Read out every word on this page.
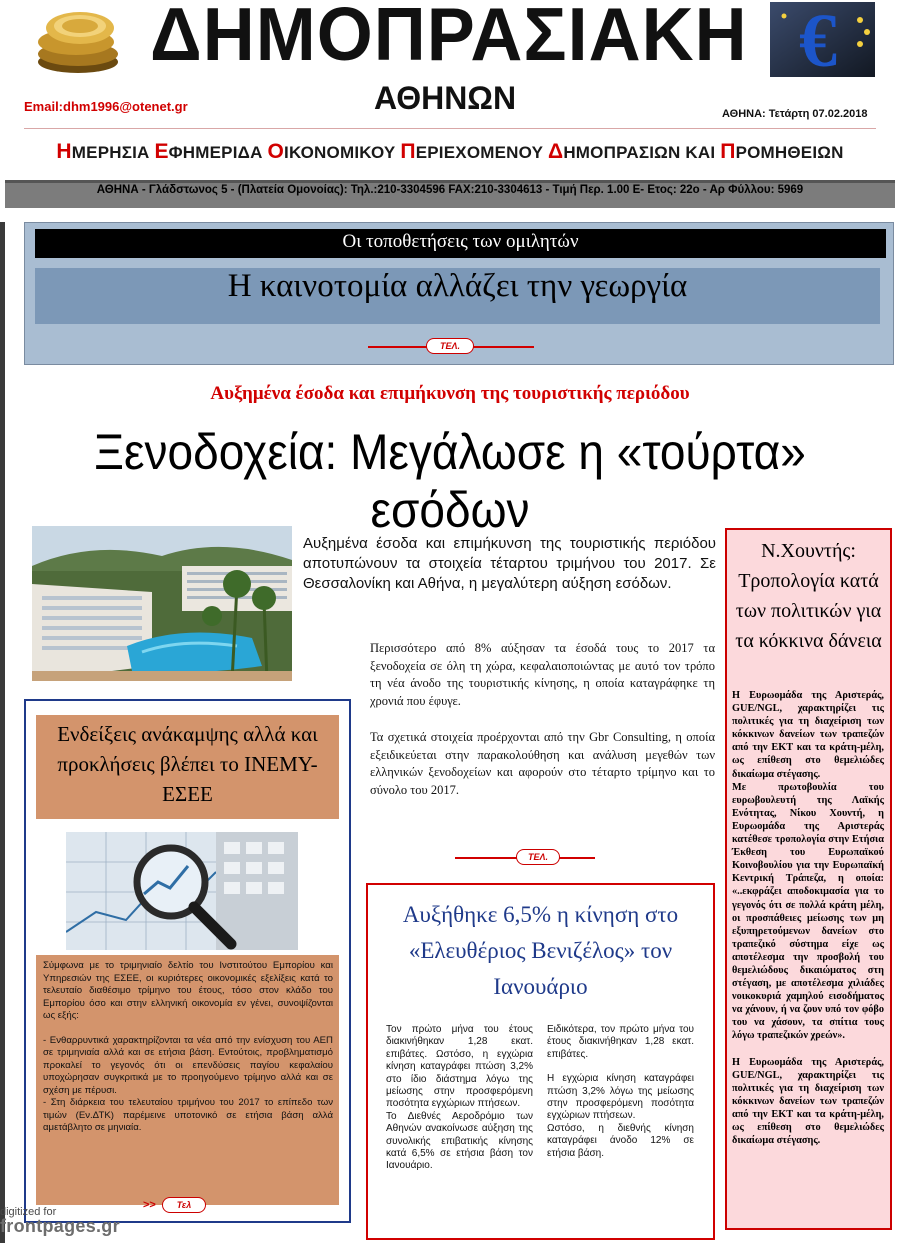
ΔΗΜΟΠΡΑΣΙΑΚΗ
ΑΘΗΝΩΝ
€
Email:dhm1996@otenet.gr	ΑΘΗΝΑ: Τετάρτη 07.02.2018
ΗΜΕΡΗΣΙΑ ΕΦΗΜΕΡΙΔΑ ΟΙΚΟΝΟΜΙΚΟΥ ΠΕΡΙΕΧΟΜΕΝΟΥ ΔΗΜΟΠΡΑΣΙΩΝ ΚΑΙ ΠΡΟΜΗΘΕΙΩΝ
ΑΘΗΝΑ - Γλάδστωνος 5 - (Πλατεία Ομονοίας): Τηλ.:210-3304596 FAX:210-3304613 - Τιμή Περ. 1.00 Ε- Ετος: 22ο - Αρ Φύλλου: 5969
Οι τοποθετήσεις των ομιλητών
Η καινοτομία αλλάζει την γεωργία
ΤΕΛ.
Αυξημένα έσοδα και επιμήκυνση της τουριστικής περιόδου
Ξενοδοχεία: Μεγάλωσε η «τούρτα» εσόδων
Αυξημένα έσοδα και επιμήκυνση της τουριστικής περιόδου αποτυπώνουν τα στοιχεία τέταρτου τριμήνου του 2017. Σε Θεσσαλονίκη και Αθήνα, η μεγαλύτερη αύξηση εσόδων.
Περισσότερο από 8% αύξησαν τα έσοδά τους το 2017 τα ξενοδοχεία σε όλη τη χώρα, κεφαλαιοποιώντας με αυτό τον τρόπο τη νέα άνοδο της τουριστικής κίνησης, η οποία καταγράφηκε τη χρονιά που έφυγε.
Τα σχετικά στοιχεία προέρχονται από την Gbr Consulting, η οποία εξειδικεύεται στην παρακολούθηση και ανάλυση μεγεθών των ελληνικών ξενοδοχείων και αφορούν στο τέταρτο τρίμηνο και το σύνολο του 2017.
ΤΕΛ.
Ν.Χουντής: Τροπολογία κατά των πολιτικών για τα κόκκινα δάνεια
Η Ευρωομάδα της Αριστεράς, GUE/NGL, χαρακτηρίζει τις πολιτικές για τη διαχείριση των κόκκινων δανείων των τραπεζών από την ΕΚΤ και τα κράτη-μέλη, ως επίθεση στο θεμελιώδες δικαίωμα στέγασης.
Με πρωτοβουλία του ευρωβουλευτή της Λαϊκής Ενότητας, Νίκου Χουντή, η Ευρωομάδα της Αριστεράς κατέθεσε τροπολογία στην Ετήσια Έκθεση του Ευρωπαϊκού Κοινοβουλίου για την Ευρωπαϊκή Κεντρική Τράπεζα, η οποία: «..εκφράζει αποδοκιμασία για το γεγονός ότι σε πολλά κράτη μέλη, οι προσπάθειες μείωσης των μη εξυπηρετούμενων δανείων στο τραπεζικό σύστημα είχε ως αποτέλεσμα την προσβολή του θεμελιώδους δικαιώματος στη στέγαση, με αποτέλεσμα χιλιάδες νοικοκυριά χαμηλού εισοδήματος να χάνουν, ή να ζουν υπό τον φόβο του να χάσουν, τα σπίτια τους λόγω τραπεζικών χρεών».
Η Ευρωομάδα της Αριστεράς, GUE/NGL, χαρακτηρίζει τις πολιτικές για τη διαχείριση των κόκκινων δανείων των τραπεζών από την ΕΚΤ και τα κράτη-μέλη, ως επίθεση στο θεμελιώδες δικαίωμα στέγασης.
Ενδείξεις ανάκαμψης αλλά και προκλήσεις βλέπει το ΙΝΕΜΥ-ΕΣΕΕ
Σύμφωνα με το τριμηνιαίο δελτίο του Ινστιτούτου Εμπορίου και Υπηρεσιών της ΕΣΕΕ, οι κυριότερες οικονομικές εξελίξεις κατά το τελευταίο διαθέσιμο τρίμηνο του έτους, τόσο στον κλάδο του Εμπορίου όσο και στην ελληνική οικονομία εν γένει, συνοψίζονται ως εξής:
- Ενθαρρυντικά χαρακτηρίζονται τα νέα από την ενίσχυση του ΑΕΠ σε τριμηνιαία αλλά και σε ετήσια βάση. Εντούτοις, προβληματισμό προκαλεί το γεγονός ότι οι επενδύσεις παγίου κεφαλαίου υποχώρησαν συγκριτικά με το προηγούμενο τρίμηνο αλλά και σε σχέση με πέρυσι.
- Στη διάρκεια του τελευταίου τριμήνου του 2017 το επίπεδο των τιμών (Εν.ΔΤΚ) παρέμεινε υποτονικό σε ετήσια βάση αλλά αμετάβλητο σε μηνιαία.
>>	Τελ
Αυξήθηκε 6,5% η κίνηση στο «Ελευθέριος Βενιζέλος» τον Ιανουάριο
Τον πρώτο μήνα του έτους διακινήθηκαν 1,28 εκατ. επιβάτες. Ωστόσο, η εγχώρια κίνηση καταγράφει πτώση 3,2% στο ίδιο διάστημα λόγω της μείωσης στην προσφερόμενη ποσότητα εγχώριων πτήσεων.
Το Διεθνές Αεροδρόμιο των Αθηνών ανακοίνωσε αύξηση της συνολικής επιβατικής κίνησης κατά 6,5% σε ετήσια βάση τον Ιανουάριο.
Ειδικότερα, τον πρώτο μήνα του έτους διακινήθηκαν 1,28 εκατ. επιβάτες.
Η εγχώρια κίνηση καταγράφει πτώση 3,2% λόγω της μείωσης στην προσφερόμενη ποσότητα εγχώριων πτήσεων.
Ωστόσο, η διεθνής κίνηση καταγράφει άνοδο 12% σε ετήσια βάση.
digitized for
frontpages.gr
